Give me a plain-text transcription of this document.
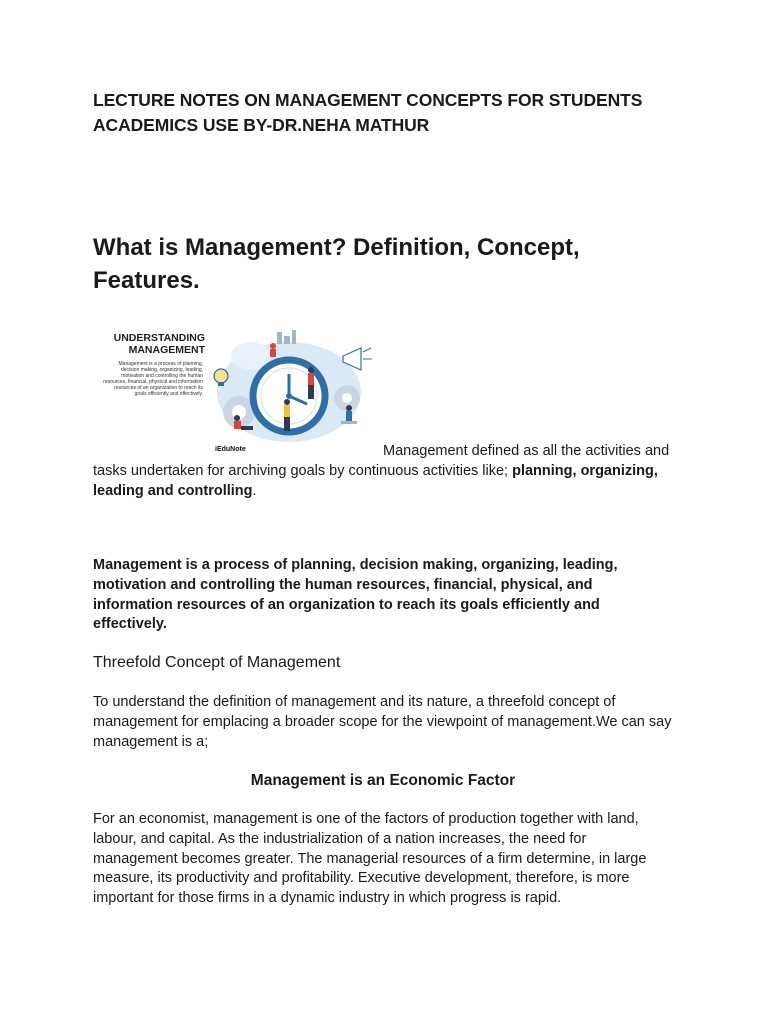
LECTURE NOTES ON MANAGEMENT CONCEPTS FOR STUDENTS ACADEMICS USE BY-DR.NEHA MATHUR
What is Management? Definition, Concept, Features.
UNDERSTANDING MANAGEMENT
Management is a process of planning, decision making, organizing, leading, motivation and controlling the human resources, financial, physical and information resources of an organization to reach its goals efficiently and effectively.
iEduNote	Management defined as all the activities and tasks undertaken for archiving goals by continuous activities like; planning, organizing, leading and controlling.

Management is a process of planning, decision making, organizing, leading, motivation and controlling the human resources, financial, physical, and information resources of an organization to reach its goals efficiently and effectively.

Threefold Concept of Management

To understand the definition of management and its nature, a threefold concept of management for emplacing a broader scope for the viewpoint of management.We can say management is a;

Management is an Economic Factor

For an economist, management is one of the factors of production together with land, labour, and capital. As the industrialization of a nation increases, the need for management becomes greater. The managerial resources of a firm determine, in large measure, its productivity and profitability. Executive development, therefore, is more important for those firms in a dynamic industry in which progress is rapid.
